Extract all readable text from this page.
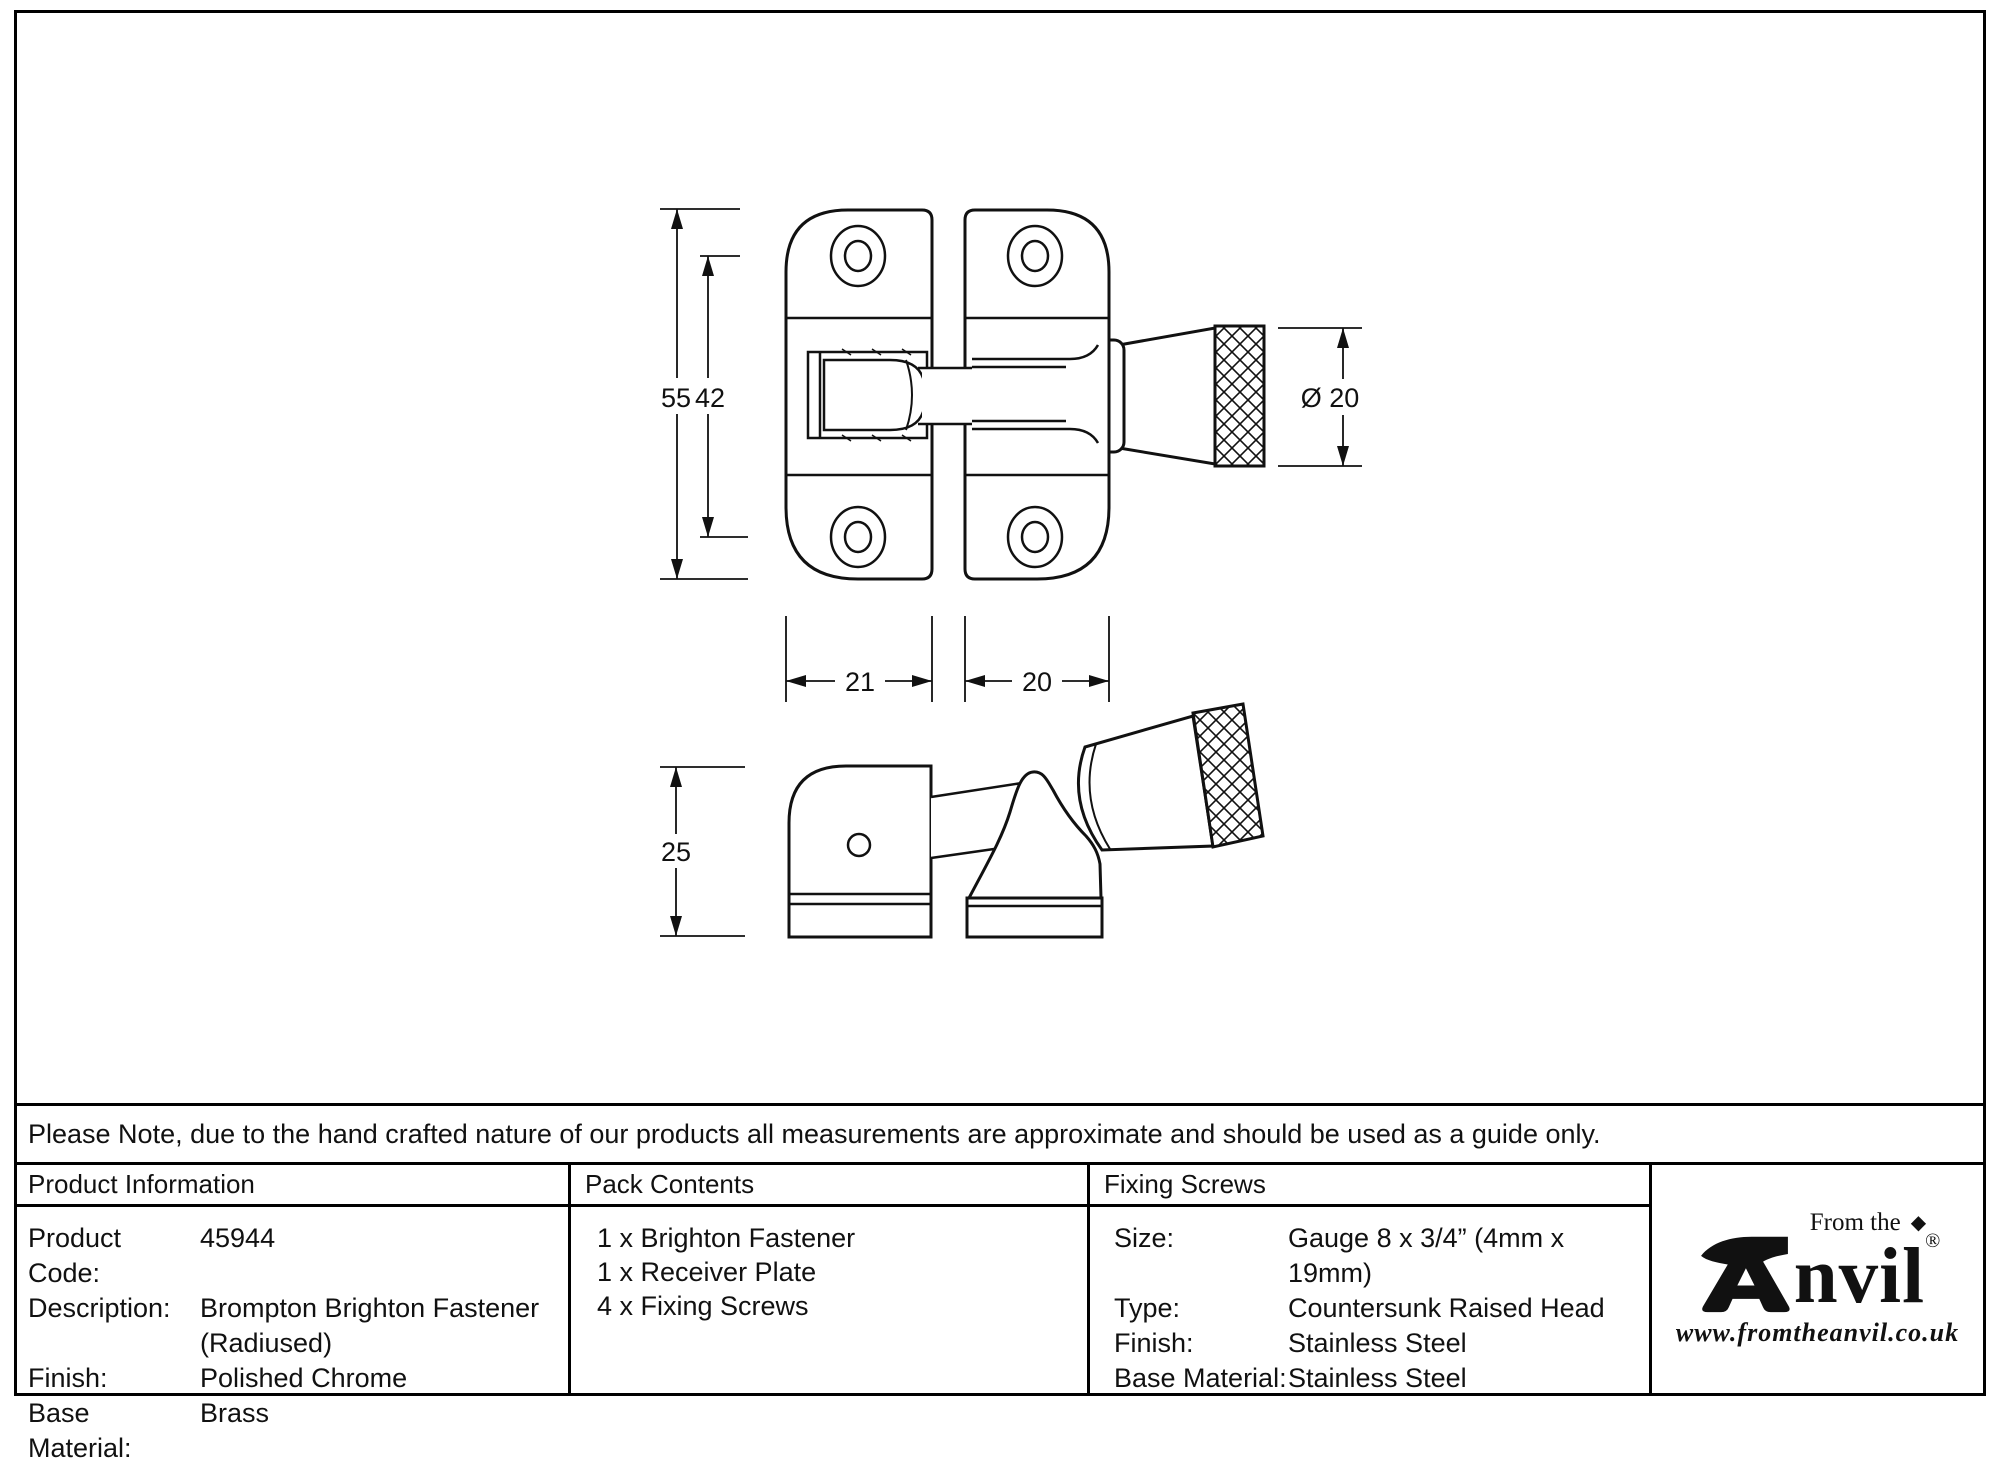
55 42
21	20
Ø 20
25
Please Note, due to the hand crafted nature of our products all measurements are approximate and should be used as a guide only.
Product Information
Product Code:
45944
Description:	Brompton Brighton Fastener
(Radiused)
Finish:	Polished Chrome
Base Material:
Brass
Pack Contents
1 x Brighton Fastener
1 x Receiver Plate
4 x Fixing Screws
Fixing Screws
Size:	Gauge 8 x 3/4” (4mm x 19mm)
Type:	Countersunk Raised Head
Finish:	Stainless Steel
Base Material: Stainless Steel
From the ◆
nvil ®
www.fromtheanvil.co.uk
